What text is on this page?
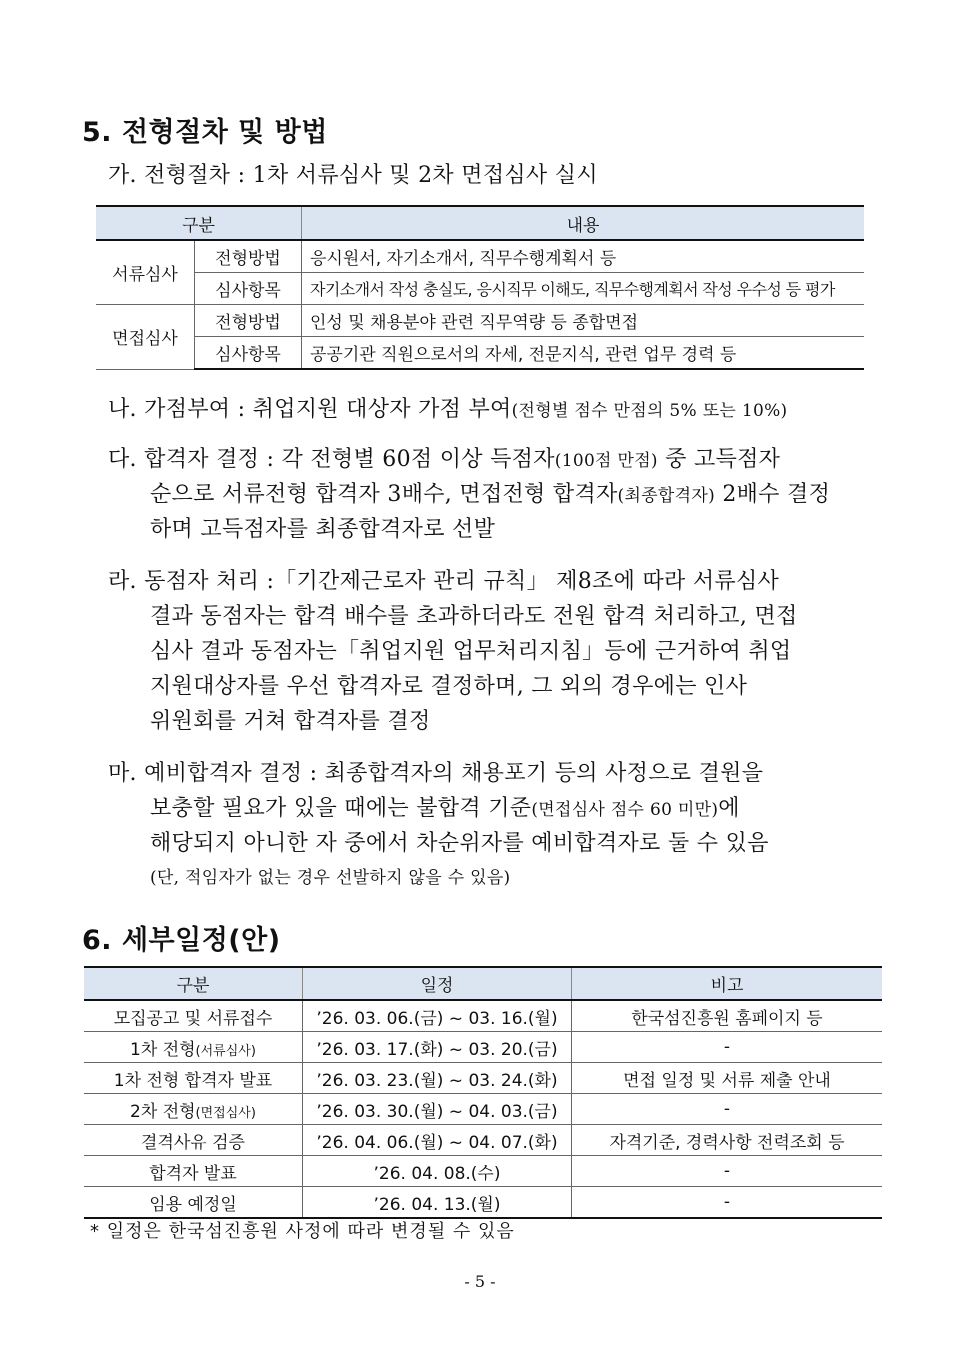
5. 전형절차 및 방법
가. 전형절차 : 1차 서류심사 및 2차 면접심사 실시
구분		내용
서류심사	전형방법	응시원서, 자기소개서, 직무수행계획서 등
	심사항목	자기소개서 작성 충실도, 응시직무 이해도, 직무수행계획서 작성 우수성 등 평가
면접심사	전형방법	인성 및 채용분야 관련 직무역량 등 종합면접
	심사항목	공공기관 직원으로서의 자세, 전문지식, 관련 업무 경력 등
나. 가점부여 : 취업지원 대상자 가점 부여(전형별 점수 만점의 5% 또는 10%)
다. 합격자 결정 : 각 전형별 60점 이상 득점자(100점 만점) 중 고득점자
순으로 서류전형 합격자 3배수, 면접전형 합격자(최종합격자) 2배수 결정
하며 고득점자를 최종합격자로 선발
라. 동점자 처리 :「기간제근로자 관리 규칙」 제8조에 따라 서류심사
결과 동점자는 합격 배수를 초과하더라도 전원 합격 처리하고, 면접
심사 결과 동점자는「취업지원 업무처리지침」등에 근거하여 취업
지원대상자를 우선 합격자로 결정하며, 그 외의 경우에는 인사
위원회를 거쳐 합격자를 결정
마. 예비합격자 결정 : 최종합격자의 채용포기 등의 사정으로 결원을
보충할 필요가 있을 때에는 불합격 기준(면접심사 점수 60 미만)에
해당되지 아니한 자 중에서 차순위자를 예비합격자로 둘 수 있음
(단, 적임자가 없는 경우 선발하지 않을 수 있음)
6. 세부일정(안)
구분	일정	비고
모집공고 및 서류접수	’26. 03. 06.(금) ~ 03. 16.(월)	한국섬진흥원 홈페이지 등
1차 전형(서류심사)	’26. 03. 17.(화) ~ 03. 20.(금)	-
1차 전형 합격자 발표	’26. 03. 23.(월) ~ 03. 24.(화)	면접 일정 및 서류 제출 안내
2차 전형(면접심사)	’26. 03. 30.(월) ~ 04. 03.(금)	-
결격사유 검증	’26. 04. 06.(월) ~ 04. 07.(화)	자격기준, 경력사항 전력조회 등
합격자 발표	’26. 04. 08.(수)	-
임용 예정일	’26. 04. 13.(월)	-
* 일정은 한국섬진흥원 사정에 따라 변경될 수 있음
- 5 -
